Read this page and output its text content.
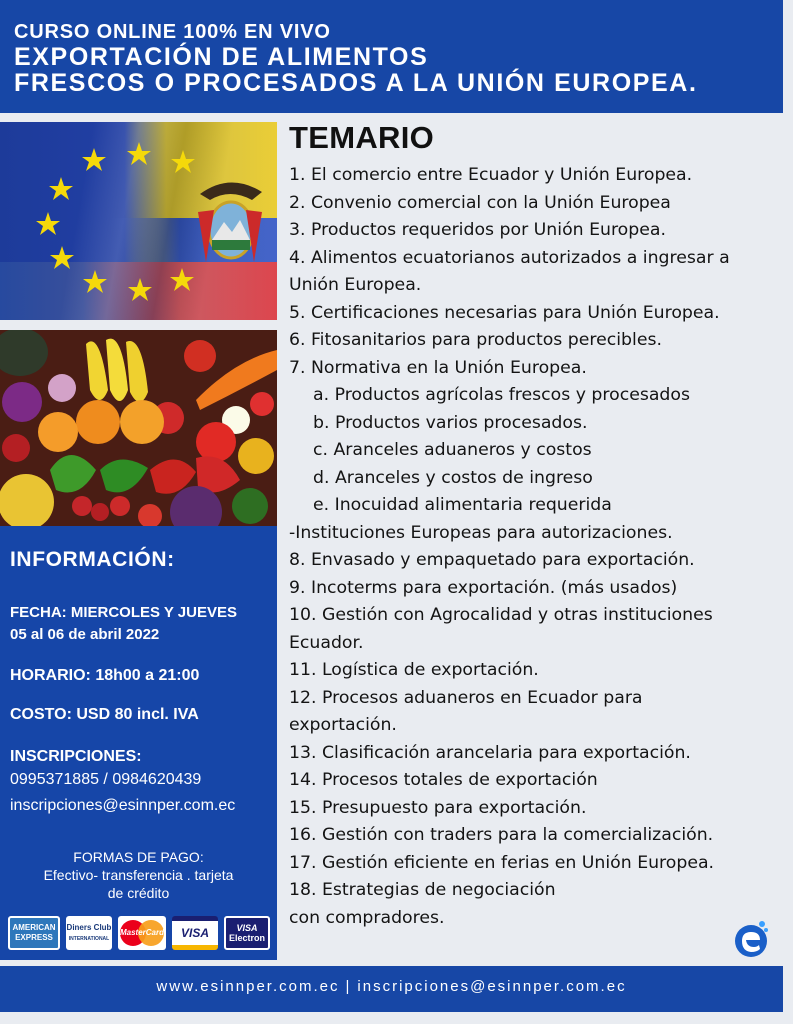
CURSO ONLINE 100% EN VIVO
EXPORTACIÓN DE ALIMENTOS
FRESCOS O PROCESADOS A LA UNIÓN EUROPEA.
INFORMACIÓN:
FECHA: MIERCOLES Y JUEVES
05 al 06 de abril 2022
HORARIO: 18h00 a 21:00
COSTO: USD 80 incl. IVA
INSCRIPCIONES:
0995371885 / 0984620439
inscripciones@esinnper.com.ec
FORMAS DE PAGO:
Efectivo- transferencia . tarjeta
de crédito
AMERICAN
EXPRESS
Diners Club
INTERNATIONAL
MasterCard VISA	VISA
Electron
TEMARIO
1. El comercio entre Ecuador y Unión Europea.
2. Convenio comercial con la Unión Europea
3. Productos requeridos por Unión Europea.
4. Alimentos ecuatorianos autorizados a ingresar a
Unión Europea.
5. Certificaciones necesarias para Unión Europea.
6. Fitosanitarios para productos perecibles.
7. Normativa en la Unión Europea.
a. Productos agrícolas frescos y procesados
b. Productos varios procesados.
c. Aranceles aduaneros y costos
d. Aranceles y costos de ingreso
e. Inocuidad alimentaria requerida
-Instituciones Europeas para autorizaciones.
8. Envasado y empaquetado para exportación.
9. Incoterms para exportación. (más usados)
10. Gestión con Agrocalidad y otras instituciones
Ecuador.
11. Logística de exportación.
12. Procesos aduaneros en Ecuador para
exportación.
13. Clasificación arancelaria para exportación.
14. Procesos totales de exportación
15. Presupuesto para exportación.
16. Gestión con traders para la comercialización.
17. Gestión eficiente en ferias en Unión Europea.
18. Estrategias de negociación
con compradores.
www.esinnper.com.ec | inscripciones@esinnper.com.ec
